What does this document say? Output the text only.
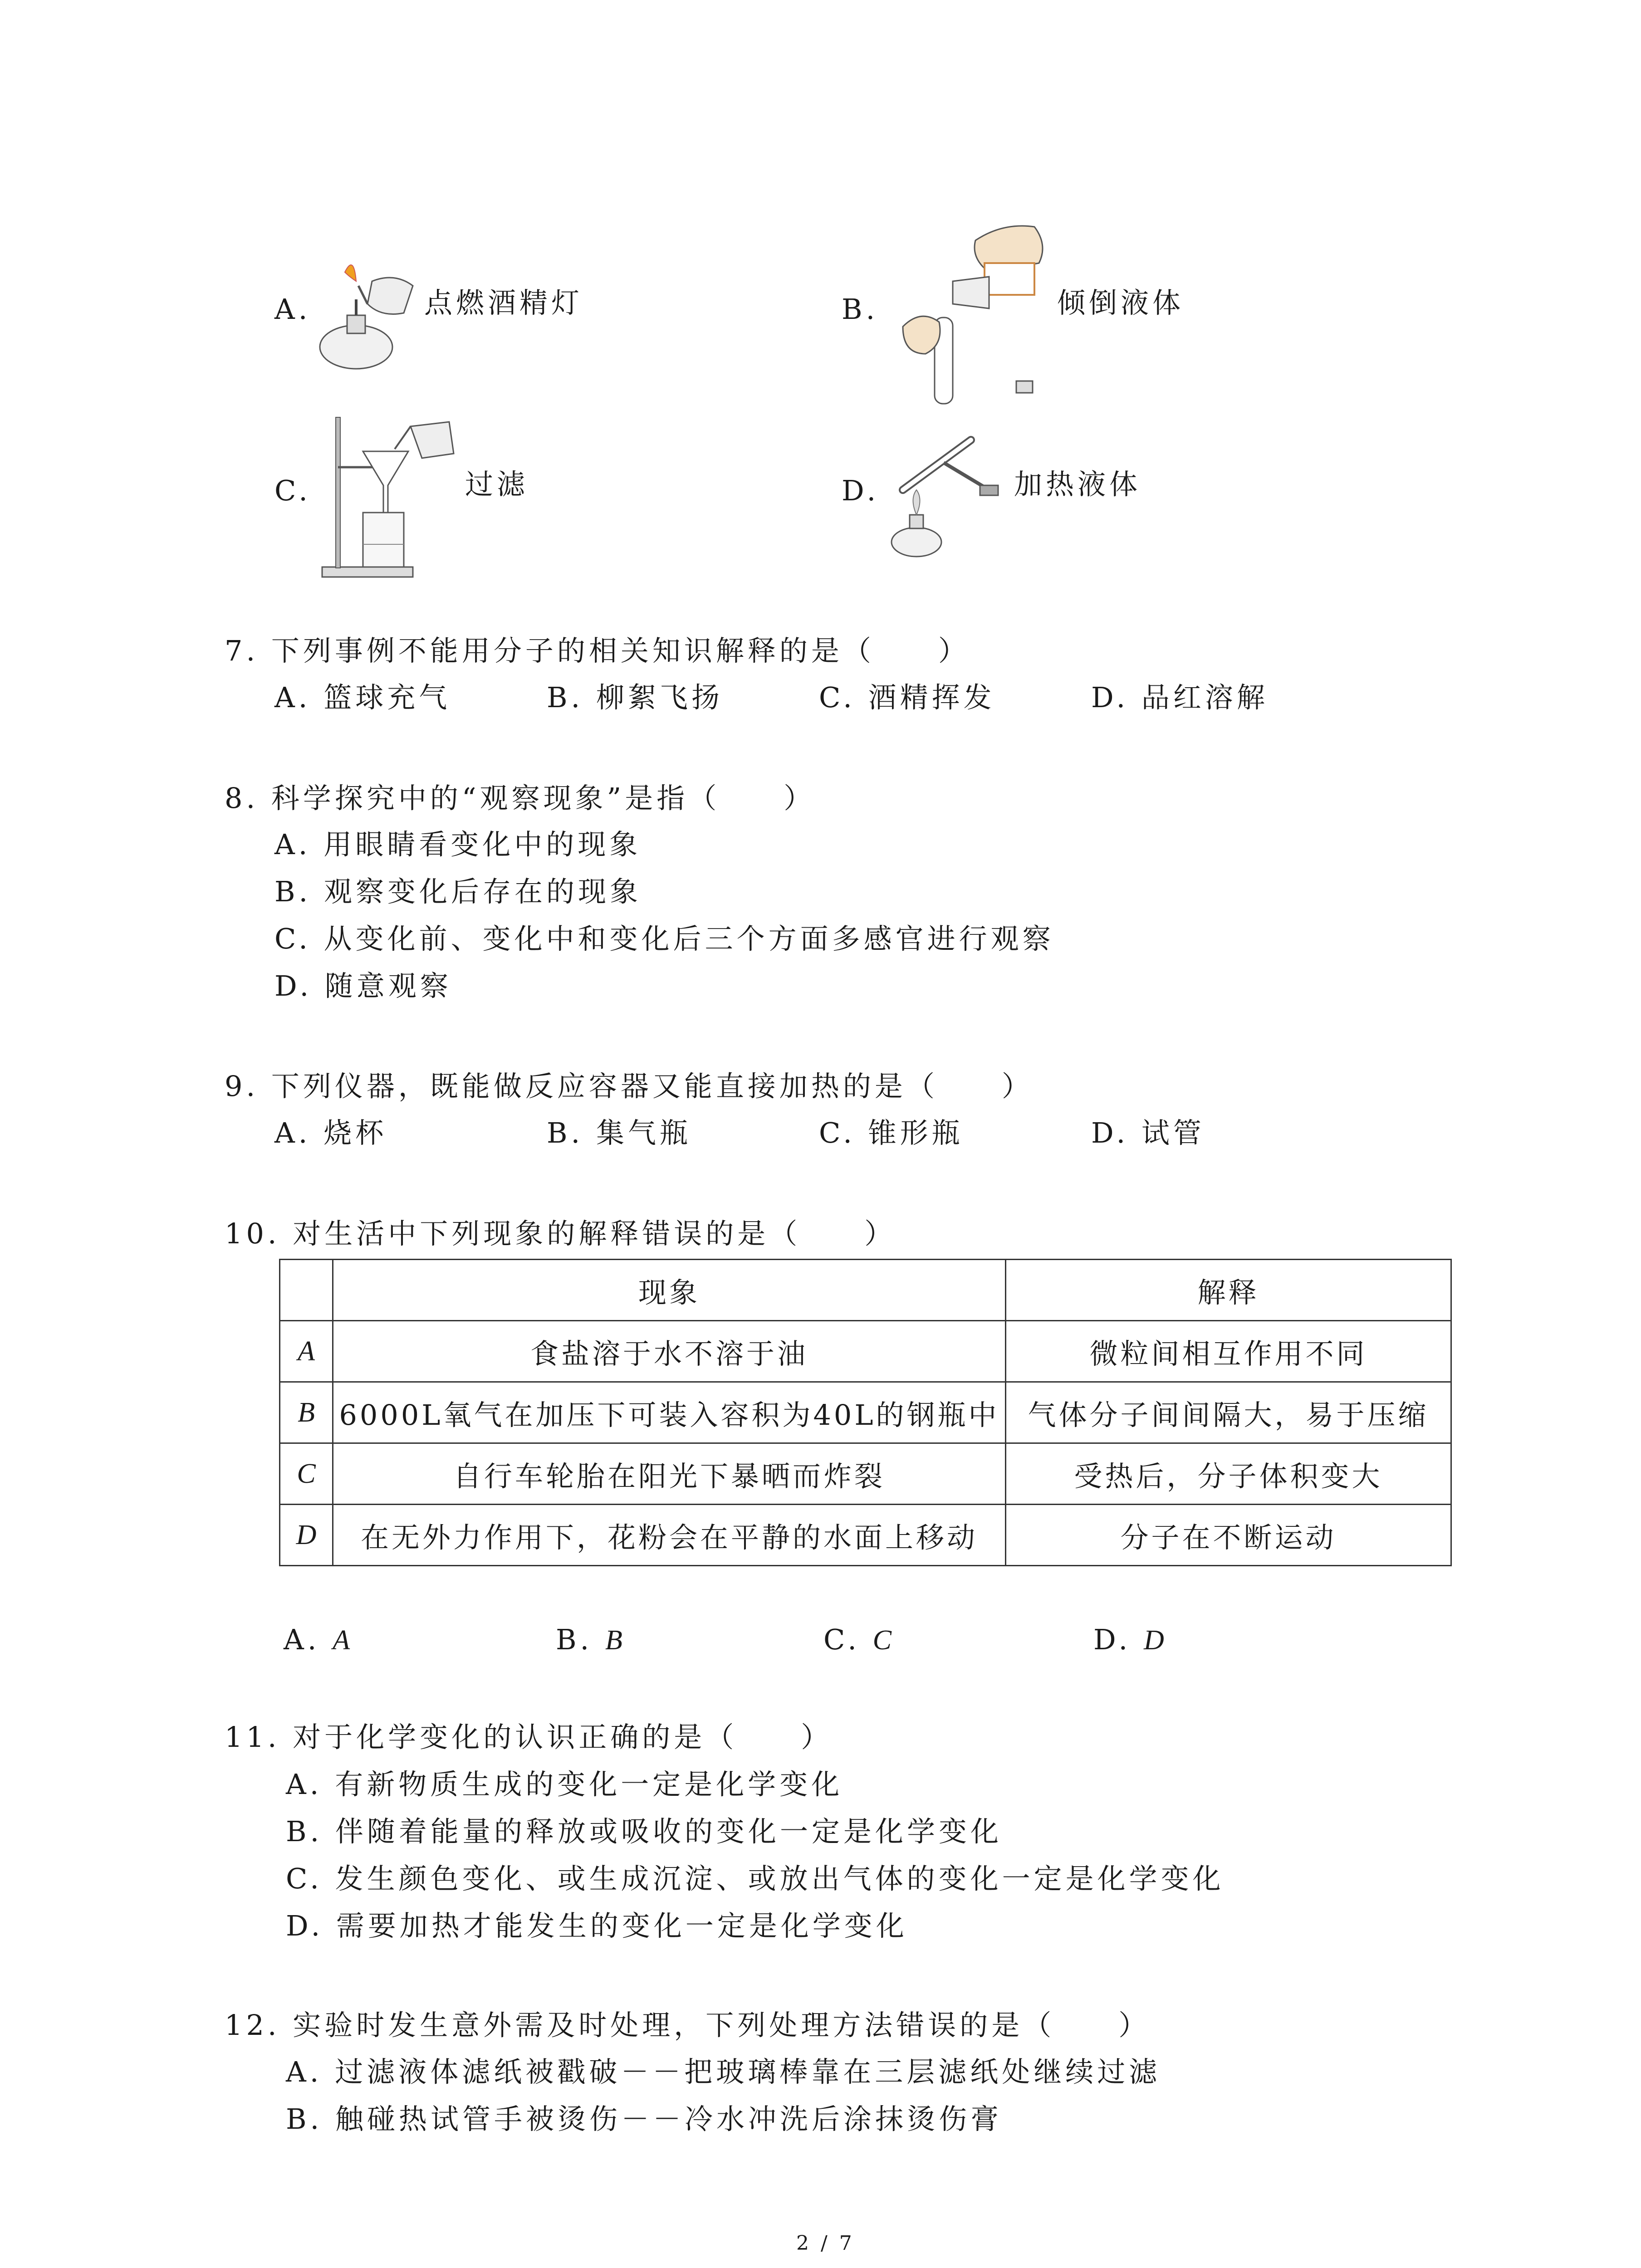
A.	点燃酒精灯	B.	倾倒液体
C.	过滤	D.	加热液体
7. 下列事例不能用分子的相关知识解释的是（　　）
A. 篮球充气	B. 柳絮飞扬	C. 酒精挥发	D. 品红溶解
8. 科学探究中的“观察现象”是指（　　）
A. 用眼睛看变化中的现象
B. 观察变化后存在的现象
C. 从变化前、变化中和变化后三个方面多感官进行观察
D. 随意观察
9. 下列仪器，既能做反应容器又能直接加热的是（　　）
A. 烧杯	B. 集气瓶	C. 锥形瓶	D. 试管
10. 对生活中下列现象的解释错误的是（　　）
	现象	解释
A	食盐溶于水不溶于油	微粒间相互作用不同
B	6000L氧气在加压下可装入容积为40L的钢瓶中	气体分子间间隔大，易于压缩
C	自行车轮胎在阳光下暴晒而炸裂	受热后，分子体积变大
D	在无外力作用下，花粉会在平静的水面上移动	分子在不断运动
A. A	B. B	C. C	D. D
11. 对于化学变化的认识正确的是（　　）
A. 有新物质生成的变化一定是化学变化
B. 伴随着能量的释放或吸收的变化一定是化学变化
C. 发生颜色变化、或生成沉淀、或放出气体的变化一定是化学变化
D. 需要加热才能发生的变化一定是化学变化
12. 实验时发生意外需及时处理，下列处理方法错误的是（　　）
A. 过滤液体滤纸被戳破－－把玻璃棒靠在三层滤纸处继续过滤
B. 触碰热试管手被烫伤－－冷水冲洗后涂抹烫伤膏
2 / 7
